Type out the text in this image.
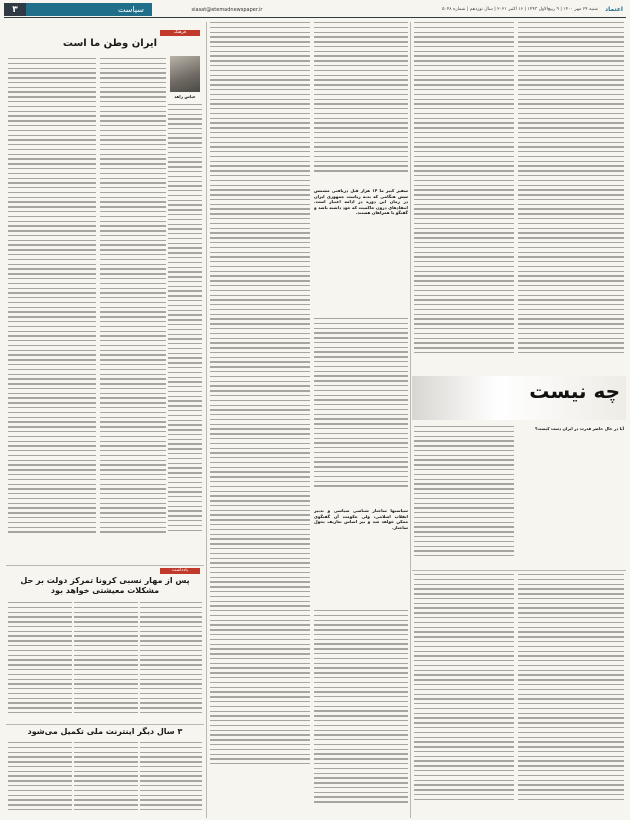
۳	سیاست	siasat@etemadnewspaper.ir	شنبه ۲۴ مهر ۱۴۰۰ | ۹ ربیع‌الاول ۱۴۴۳ | ۱۶ اکتبر ۲۰۲۱ | سال نوزدهم | شماره ۵۰۴۸	اعتماد
فرهنگ
ایران وطن ما است
عباس زاهد
یادداشت
پس از مهار نسبی کرونا تمرکز دولت بر حل مشکلات معیشتی خواهد بود
۳ سال دیگر اینترنت ملی تکمیل می‌شود
سفیر کبیر ما ۱۴ هزار قبل دریافتی مشمس شش هنگامی که بدنه ریاست جمهوری ایران در زمان این دوره در ادامه اعتبار است. انتقادهای درون حاکمیت که خود داشته باشد و گفتگو با همراهان هستند.
سیاستها ساختار شناسی سیاسی و تدبیر انقلاب اسلامی، ولی حکومت آن گفتگوی ممکن خواهد شد و نیز اساس تعاریف تحول ساختار.
چه نیست
آیا در حال حاضر قدرت در ایران دست کیست؟
